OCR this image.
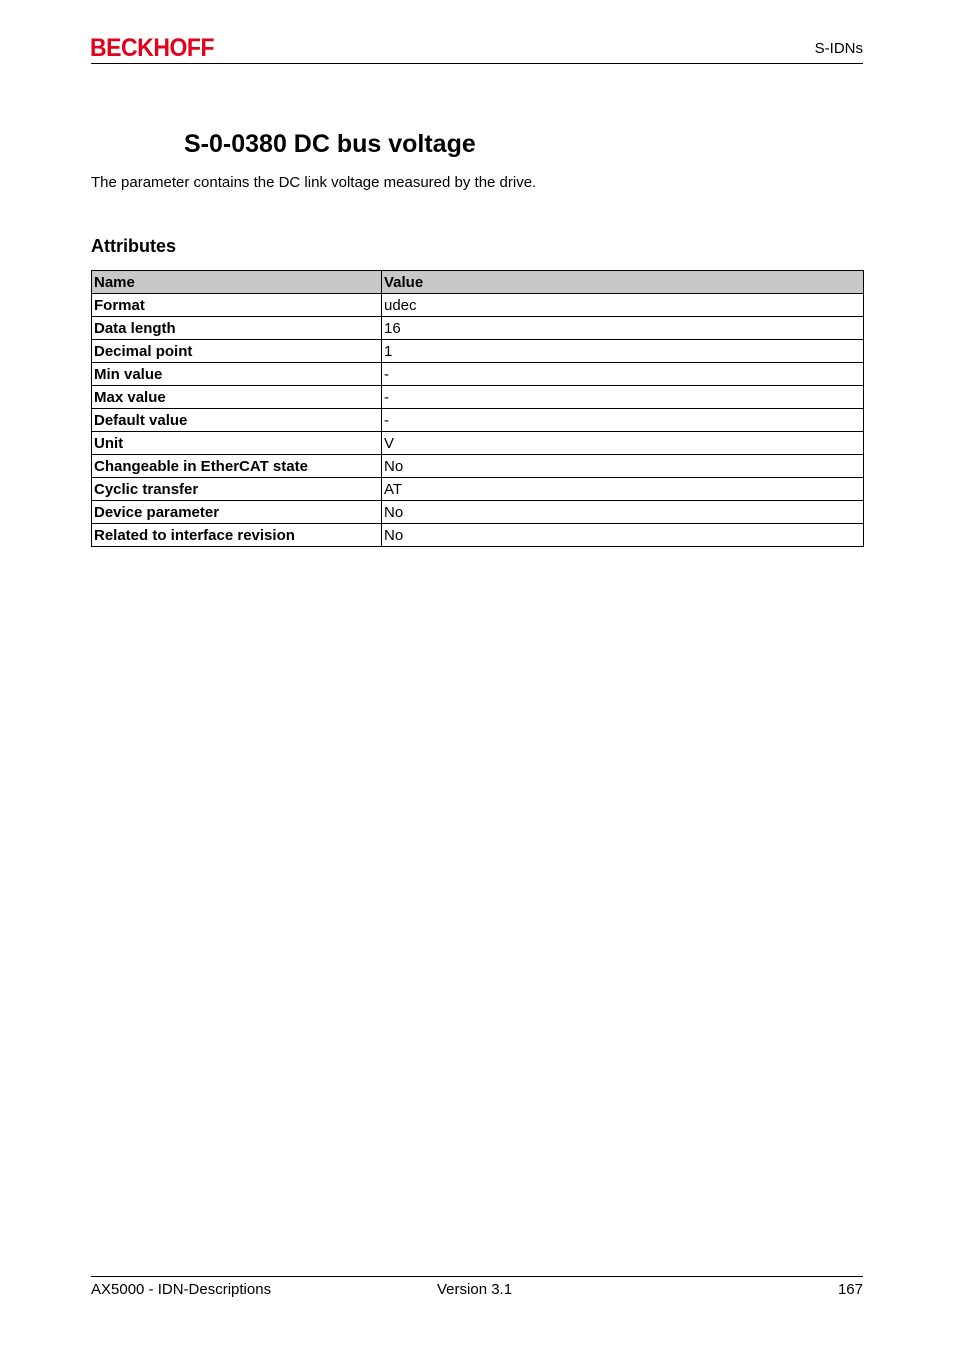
BECKHOFF	S-IDNs
S-0-0380 DC bus voltage

The parameter contains the DC link voltage measured by the drive.

Attributes
Name	Value
Format	udec
Data length	16
Decimal point	1
Min value	-
Max value	-
Default value	-
Unit	V
Changeable in EtherCAT state	No
Cyclic transfer	AT
Device parameter	No
Related to interface revision	No
AX5000 - IDN-Descriptions	Version 3.1	167
